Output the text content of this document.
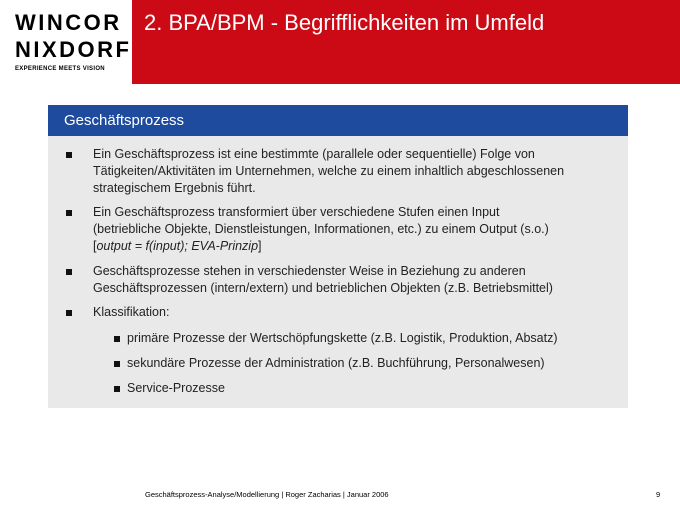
WINCOR
NIXDORF
EXPERIENCE MEETS VISION
2. BPA/BPM - Begrifflichkeiten im Umfeld
Geschäftsprozess
Ein Geschäftsprozess ist eine bestimmte (parallele oder sequentielle) Folge von
Tätigkeiten/Aktivitäten im Unternehmen, welche zu einem inhaltlich abgeschlossenen
strategischem Ergebnis führt.
Ein Geschäftsprozess transformiert über verschiedene Stufen einen Input
(betriebliche Objekte, Dienstleistungen, Informationen, etc.) zu einem Output (s.o.)
[output = f(input); EVA-Prinzip]
Geschäftsprozesse stehen in verschiedenster Weise in Beziehung zu anderen
Geschäftsprozessen (intern/extern) und betrieblichen Objekten (z.B. Betriebsmittel)
Klassifikation:
primäre Prozesse der Wertschöpfungskette (z.B. Logistik, Produktion, Absatz)
sekundäre Prozesse der Administration (z.B. Buchführung, Personalwesen)
Service-Prozesse
Geschäftsprozess-Analyse/Modellierung | Roger Zacharias | Januar 2006	9
